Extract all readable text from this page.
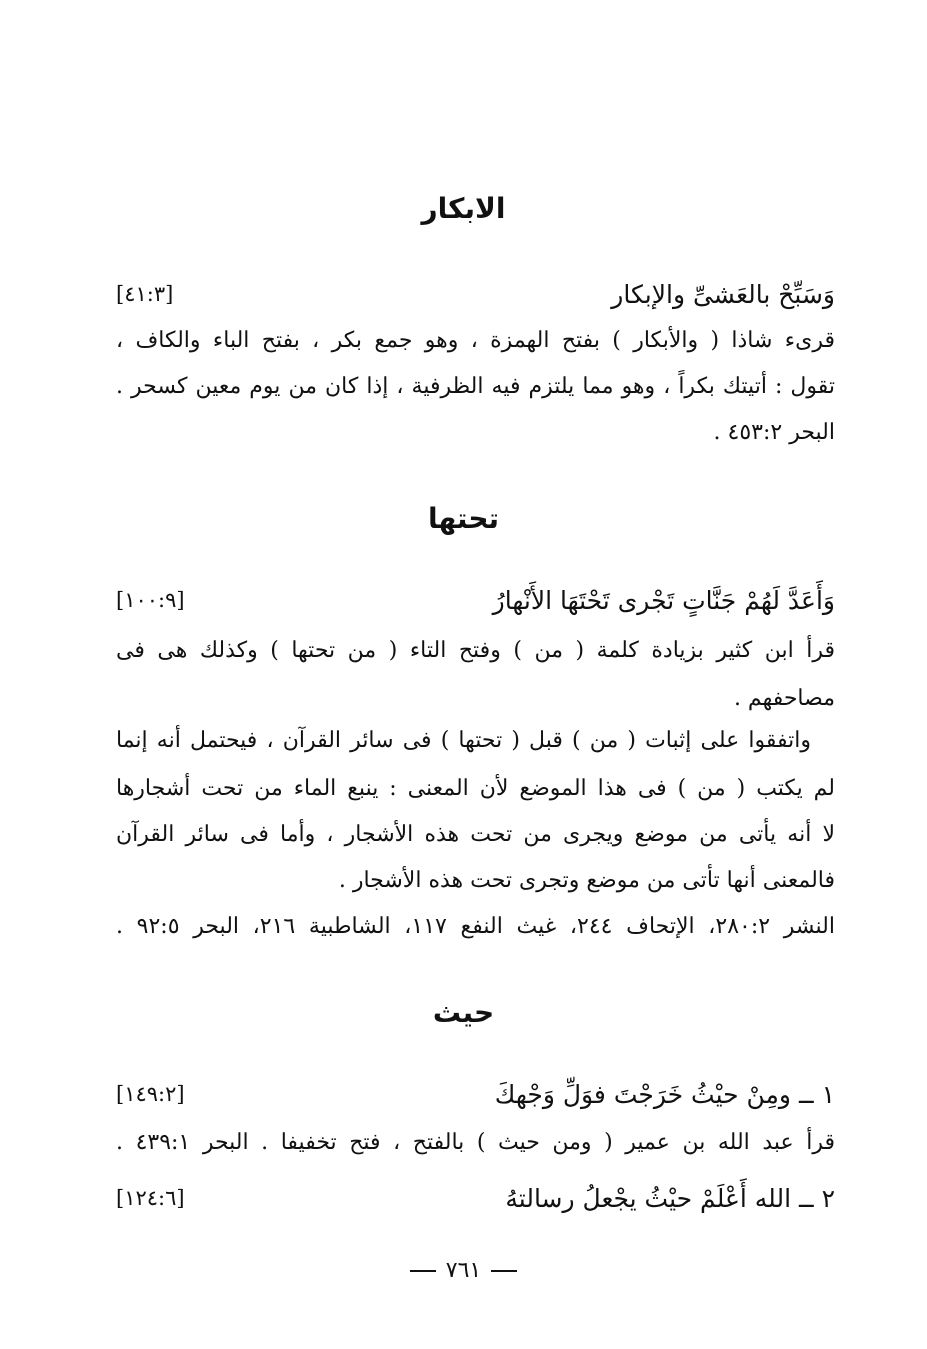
الابكار
وَسَبِّحْ بالعَشىِّ والإبكار
[٤١:٣]
قرىء شاذا ( والأبكار ) بفتح الهمزة ، وهو جمع بكر ، بفتح الباء والكاف ،
تقول : أتيتك بكراً ، وهو مما يلتزم فيه الظرفية ، إذا كان من يوم معين كسحر .
البحر ٤٥٣:٢ .
تحتها
وَأَعَدَّ لَهُمْ جَنَّاتٍ تَجْرى تَحْتَهَا الأَنْهارُ
[١٠٠:٩]
قرأ ابن كثير بزيادة كلمة ( من ) وفتح التاء ( من تحتها ) وكذلك هى فى
مصاحفهم .
واتفقوا على إثبات ( من ) قبل ( تحتها ) فى سائر القرآن ، فيحتمل أنه إنما
لم يكتب ( من ) فى هذا الموضع لأن المعنى : ينبع الماء من تحت أشجارها
لا أنه يأتى من موضع ويجرى من تحت هذه الأشجار ، وأما فى سائر القرآن
فالمعنى أنها تأتى من موضع وتجرى تحت هذه الأشجار .
النشر ٢٨٠:٢، الإتحاف ٢٤٤، غيث النفع ١١٧، الشاطبية ٢١٦، البحر ٩٢:٥ .
حيث
١ ــ ومِنْ حيْثُ خَرَجْتَ فوَلِّ وَجْهكَ
[١٤٩:٢]
قرأ عبد الله بن عمير ( ومن حيث ) بالفتح ، فتح تخفيفا . البحر ٤٣٩:١ .
٢ ــ الله أَعْلَمْ حيْثُ يجْعلُ رسالتهُ
[١٢٤:٦]
٧٦١
